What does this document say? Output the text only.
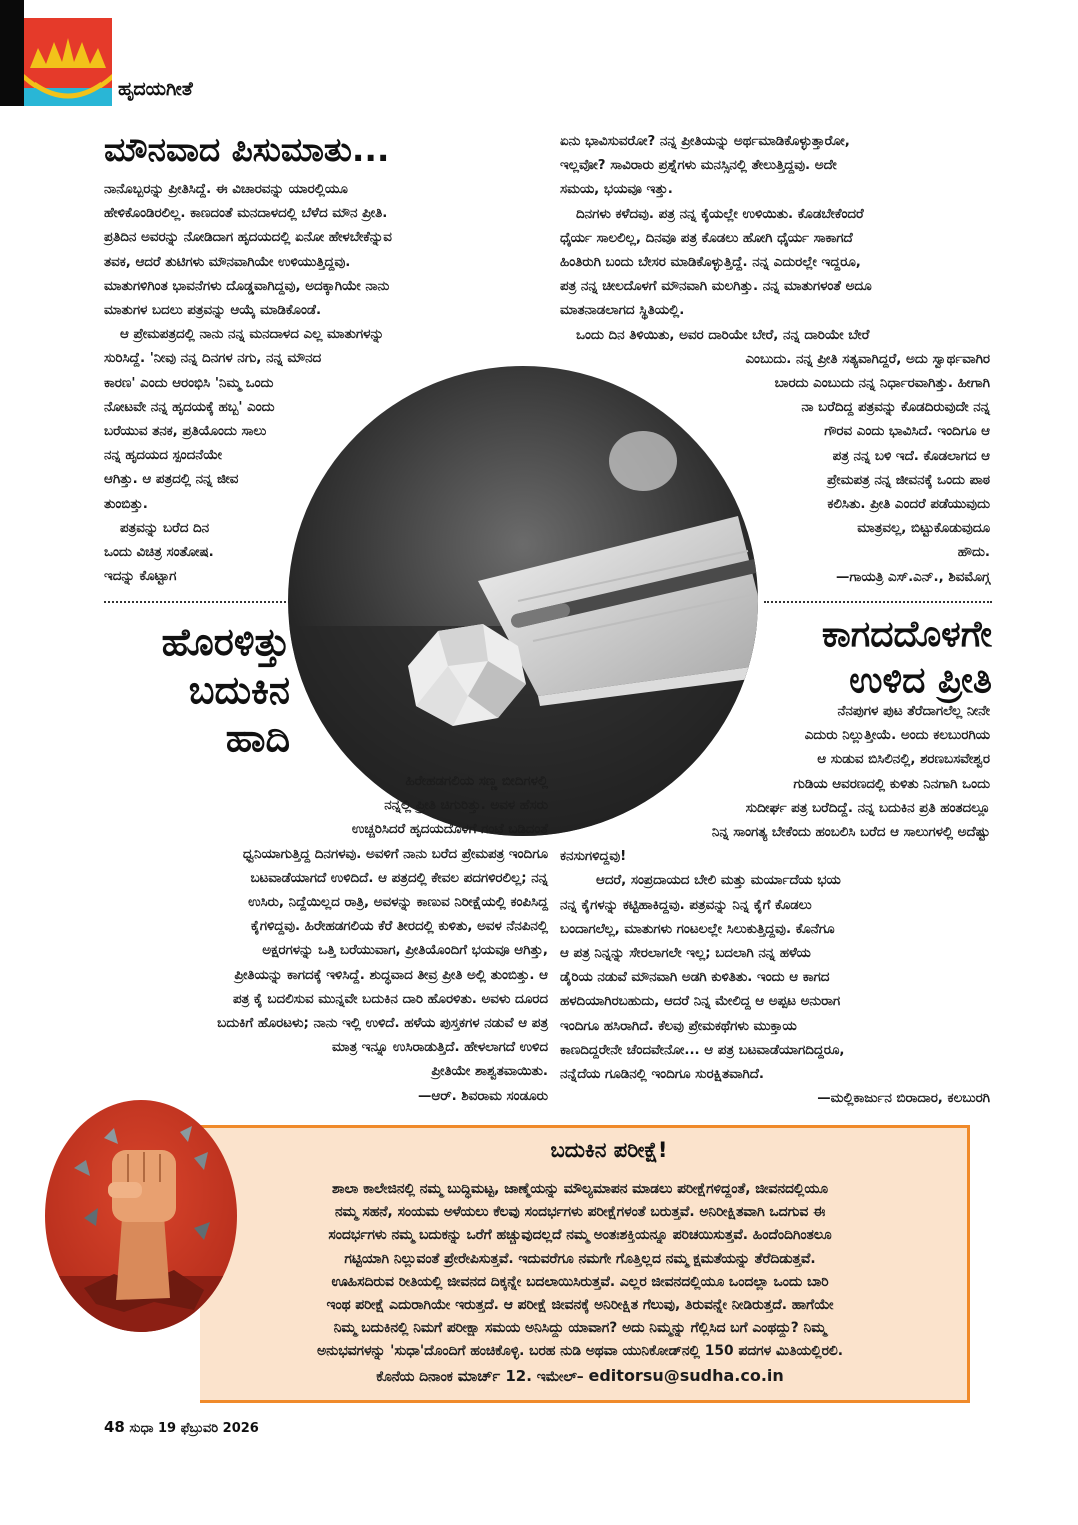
ಹೃದಯಗೀತೆ
ಮೌನವಾದ ಪಿಸುಮಾತು...

ನಾನೊಬ್ಬರನ್ನು ಪ್ರೀತಿಸಿದ್ದೆ. ಈ ವಿಚಾರವನ್ನು ಯಾರಲ್ಲಿಯೂ

ಹೇಳಿಕೊಂಡಿರಲಿಲ್ಲ. ಕಾಣದಂತೆ ಮನದಾಳದಲ್ಲಿ ಬೆಳೆದ ಮೌನ ಪ್ರೀತಿ.

ಪ್ರತಿದಿನ ಅವರನ್ನು ನೋಡಿದಾಗ ಹೃದಯದಲ್ಲಿ ಏನೋ ಹೇಳಬೇಕೆನ್ನುವ

ತವಕ, ಆದರೆ ತುಟಿಗಳು ಮೌನವಾಗಿಯೇ ಉಳಿಯುತ್ತಿದ್ದವು.

ಮಾತುಗಳಿಗಿಂತ ಭಾವನೆಗಳು ದೊಡ್ಡವಾಗಿದ್ದವು, ಅದಕ್ಕಾಗಿಯೇ ನಾನು

ಮಾತುಗಳ ಬದಲು ಪತ್ರವನ್ನು ಆಯ್ಕೆ ಮಾಡಿಕೊಂಡೆ.

ಆ ಪ್ರೇಮಪತ್ರದಲ್ಲಿ ನಾನು ನನ್ನ ಮನದಾಳದ ಎಲ್ಲ ಮಾತುಗಳನ್ನು

ಸುರಿಸಿದ್ದೆ. 'ನೀವು ನನ್ನ ದಿನಗಳ ನಗು, ನನ್ನ ಮೌನದ

ಕಾರಣ' ಎಂದು ಆರಂಭಿಸಿ 'ನಿಮ್ಮ ಒಂದು

ನೋಟವೇ ನನ್ನ ಹೃದಯಕ್ಕೆ ಹಬ್ಬ' ಎಂದು

ಬರೆಯುವ ತನಕ, ಪ್ರತಿಯೊಂದು ಸಾಲು

ನನ್ನ ಹೃದಯದ ಸ್ಪಂದನೆಯೇ

ಆಗಿತ್ತು. ಆ ಪತ್ರದಲ್ಲಿ ನನ್ನ ಜೀವ

ತುಂಬಿತ್ತು.

ಪತ್ರವನ್ನು ಬರೆದ ದಿನ

ಒಂದು ವಿಚಿತ್ರ ಸಂತೋಷ.

ಇದನ್ನು ಕೊಟ್ಟಾಗ

ಏನು ಭಾವಿಸುವರೋ? ನನ್ನ ಪ್ರೀತಿಯನ್ನು ಅರ್ಥಮಾಡಿಕೊಳ್ಳುತ್ತಾರೋ,

ಇಲ್ಲವೋ? ಸಾವಿರಾರು ಪ್ರಶ್ನೆಗಳು ಮನಸ್ಸಿನಲ್ಲಿ ತೇಲುತ್ತಿದ್ದವು. ಅದೇ

ಸಮಯ, ಭಯವೂ ಇತ್ತು.

ದಿನಗಳು ಕಳೆದವು. ಪತ್ರ ನನ್ನ ಕೈಯಲ್ಲೇ ಉಳಿಯಿತು. ಕೊಡಬೇಕೆಂದರೆ

ಧೈರ್ಯ ಸಾಲಲಿಲ್ಲ, ದಿನವೂ ಪತ್ರ ಕೊಡಲು ಹೋಗಿ ಧೈರ್ಯ ಸಾಕಾಗದೆ

ಹಿಂತಿರುಗಿ ಬಂದು ಬೇಸರ ಮಾಡಿಕೊಳ್ಳುತ್ತಿದ್ದೆ. ನನ್ನ ಎದುರಲ್ಲೇ ಇದ್ದರೂ,

ಪತ್ರ ನನ್ನ ಚೀಲದೊಳಗೆ ಮೌನವಾಗಿ ಮಲಗಿತ್ತು. ನನ್ನ ಮಾತುಗಳಂತೆ ಅದೂ

ಮಾತನಾಡಲಾಗದ ಸ್ಥಿತಿಯಲ್ಲಿ.

ಒಂದು ದಿನ ತಿಳಿಯಿತು, ಅವರ ದಾರಿಯೇ ಬೇರೆ, ನನ್ನ ದಾರಿಯೇ ಬೇರೆ

ಎಂಬುದು. ನನ್ನ ಪ್ರೀತಿ ಸತ್ಯವಾಗಿದ್ದರೆ, ಅದು ಸ್ವಾರ್ಥವಾಗಿರ

ಬಾರದು ಎಂಬುದು ನನ್ನ ನಿರ್ಧಾರವಾಗಿತ್ತು. ಹೀಗಾಗಿ

ನಾ ಬರೆದಿದ್ದ ಪತ್ರವನ್ನು ಕೊಡದಿರುವುದೇ ನನ್ನ

ಗೌರವ ಎಂದು ಭಾವಿಸಿದೆ. ಇಂದಿಗೂ ಆ

ಪತ್ರ ನನ್ನ ಬಳಿ ಇದೆ. ಕೊಡಲಾಗದ ಆ

ಪ್ರೇಮಪತ್ರ ನನ್ನ ಜೀವನಕ್ಕೆ ಒಂದು ಪಾಠ

ಕಲಿಸಿತು. ಪ್ರೀತಿ ಎಂದರೆ ಪಡೆಯುವುದು

ಮಾತ್ರವಲ್ಲ, ಬಿಟ್ಟುಕೊಡುವುದೂ

ಹೌದು.

—ಗಾಯತ್ರಿ ಎಸ್.ಎನ್., ಶಿವಮೊಗ್ಗ

ಹೊರಳಿತ್ತು
ಬದುಕಿನ
ಹಾದಿ
ಕಾಗದದೊಳಗೇ
ಉಳಿದ ಪ್ರೀತಿ

ಹಿರೇಹಡಗಲಿಯ ಸಣ್ಣ ಬೀದಿಗಳಲ್ಲಿ

ನನ್ನಲ್ಲಿ ಪ್ರೀತಿ ಚಿಗುರಿತ್ತು. ಅವಳ ಹೆಸರು

ಉಚ್ಚರಿಸಿದರೆ ಹೃದಯದೊಳಗೆ ಗಂಟೆ ಬಡಿದಂತೆ

ಧ್ವನಿಯಾಗುತ್ತಿದ್ದ ದಿನಗಳವು. ಅವಳಿಗೆ ನಾನು ಬರೆದ ಪ್ರೇಮಪತ್ರ ಇಂದಿಗೂ

ಬಟವಾಡೆಯಾಗದೆ ಉಳಿದಿದೆ. ಆ ಪತ್ರದಲ್ಲಿ ಕೇವಲ ಪದಗಳಿರಲಿಲ್ಲ; ನನ್ನ

ಉಸಿರು, ನಿದ್ದೆಯಿಲ್ಲದ ರಾತ್ರಿ, ಅವಳನ್ನು ಕಾಣುವ ನಿರೀಕ್ಷೆಯಲ್ಲಿ ಕಂಪಿಸಿದ್ದ

ಕೈಗಳಿದ್ದವು. ಹಿರೇಹಡಗಲಿಯ ಕೆರೆ ತೀರದಲ್ಲಿ ಕುಳಿತು, ಅವಳ ನೆನಪಿನಲ್ಲಿ

ಅಕ್ಷರಗಳನ್ನು ಒತ್ತಿ ಬರೆಯುವಾಗ, ಪ್ರೀತಿಯೊಂದಿಗೆ ಭಯವೂ ಆಗಿತ್ತು,

ಪ್ರೀತಿಯನ್ನು ಕಾಗದಕ್ಕೆ ಇಳಿಸಿದ್ದೆ. ಶುದ್ಧವಾದ ತೀವ್ರ ಪ್ರೀತಿ ಅಲ್ಲಿ ತುಂಬಿತ್ತು. ಆ

ಪತ್ರ ಕೈ ಬದಲಿಸುವ ಮುನ್ನವೇ ಬದುಕಿನ ದಾರಿ ಹೊರಳಿತು. ಅವಳು ದೂರದ

ಬದುಕಿಗೆ ಹೊರಟಳು; ನಾನು ಇಲ್ಲಿ ಉಳಿದೆ. ಹಳೆಯ ಪುಸ್ತಕಗಳ ನಡುವೆ ಆ ಪತ್ರ

ಮಾತ್ರ ಇನ್ನೂ ಉಸಿರಾಡುತ್ತಿದೆ. ಹೇಳಲಾಗದೆ ಉಳಿದ

ಪ್ರೀತಿಯೇ ಶಾಶ್ವತವಾಯಿತು.

—ಆರ್. ಶಿವರಾಮ ಸಂಡೂರು

ನೆನಪುಗಳ ಪುಟ ತೆರೆದಾಗಲೆಲ್ಲ ನೀನೇ

ಎದುರು ನಿಲ್ಲುತ್ತೀಯೆ. ಅಂದು ಕಲಬುರಗಿಯ

ಆ ಸುಡುವ ಬಿಸಿಲಿನಲ್ಲಿ, ಶರಣಬಸವೇಶ್ವರ

ಗುಡಿಯ ಆವರಣದಲ್ಲಿ ಕುಳಿತು ನಿನಗಾಗಿ ಒಂದು

ಸುದೀರ್ಘ ಪತ್ರ ಬರೆದಿದ್ದೆ. ನನ್ನ ಬದುಕಿನ ಪ್ರತಿ ಹಂತದಲ್ಲೂ

ನಿನ್ನ ಸಾಂಗತ್ಯ ಬೇಕೆಂದು ಹಂಬಲಿಸಿ ಬರೆದ ಆ ಸಾಲುಗಳಲ್ಲಿ ಅದೆಷ್ಟು

ಕನಸುಗಳಿದ್ದವು!

ಆದರೆ, ಸಂಪ್ರದಾಯದ ಬೇಲಿ ಮತ್ತು ಮರ್ಯಾದೆಯ ಭಯ

ನನ್ನ ಕೈಗಳನ್ನು ಕಟ್ಟಿಹಾಕಿದ್ದವು. ಪತ್ರವನ್ನು ನಿನ್ನ ಕೈಗೆ ಕೊಡಲು

ಬಂದಾಗಲೆಲ್ಲ, ಮಾತುಗಳು ಗಂಟಲಲ್ಲೇ ಸಿಲುಕುತ್ತಿದ್ದವು. ಕೊನೆಗೂ

ಆ ಪತ್ರ ನಿನ್ನನ್ನು ಸೇರಲಾಗಲೇ ಇಲ್ಲ; ಬದಲಾಗಿ ನನ್ನ ಹಳೆಯ

ಡೈರಿಯ ನಡುವೆ ಮೌನವಾಗಿ ಅಡಗಿ ಕುಳಿತಿತು. ಇಂದು ಆ ಕಾಗದ

ಹಳದಿಯಾಗಿರಬಹುದು, ಆದರೆ ನಿನ್ನ ಮೇಲಿದ್ದ ಆ ಅಪ್ಪಟ ಅನುರಾಗ

ಇಂದಿಗೂ ಹಸಿರಾಗಿದೆ. ಕೆಲವು ಪ್ರೇಮಕಥೆಗಳು ಮುಕ್ತಾಯ

ಕಾಣದಿದ್ದರೇನೇ ಚೆಂದವೇನೋ... ಆ ಪತ್ರ ಬಟವಾಡೆಯಾಗದಿದ್ದರೂ,

ನನ್ನೆದೆಯ ಗೂಡಿನಲ್ಲಿ ಇಂದಿಗೂ ಸುರಕ್ಷಿತವಾಗಿದೆ.

—ಮಲ್ಲಿಕಾರ್ಜುನ ಬಿರಾದಾರ, ಕಲಬುರಗಿ

ಬದುಕಿನ ಪರೀಕ್ಷೆ!
ಶಾಲಾ ಕಾಲೇಜಿನಲ್ಲಿ ನಮ್ಮ ಬುದ್ಧಿಮಟ್ಟ, ಜಾಣ್ಮೆಯನ್ನು ಮೌಲ್ಯಮಾಪನ ಮಾಡಲು ಪರೀಕ್ಷೆಗಳಿದ್ದಂತೆ, ಜೀವನದಲ್ಲಿಯೂ
ನಮ್ಮ ಸಹನೆ, ಸಂಯಮ ಅಳೆಯಲು ಕೆಲವು ಸಂದರ್ಭಗಳು ಪರೀಕ್ಷೆಗಳಂತೆ ಬರುತ್ತವೆ. ಅನಿರೀಕ್ಷಿತವಾಗಿ ಒದಗುವ ಈ
ಸಂದರ್ಭಗಳು ನಮ್ಮ ಬದುಕನ್ನು ಒರೆಗೆ ಹಚ್ಚುವುದಲ್ಲದೆ ನಮ್ಮ ಅಂತಃಶಕ್ತಿಯನ್ನೂ ಪರಿಚಯಿಸುತ್ತವೆ. ಹಿಂದೆಂದಿಗಿಂತಲೂ
ಗಟ್ಟಿಯಾಗಿ ನಿಲ್ಲುವಂತೆ ಪ್ರೇರೇಪಿಸುತ್ತವೆ. ಇದುವರೆಗೂ ನಮಗೇ ಗೊತ್ತಿಲ್ಲದ ನಮ್ಮ ಕ್ಷಮತೆಯನ್ನು ತೆರೆದಿಡುತ್ತವೆ.
ಊಹಿಸದಿರುವ ರೀತಿಯಲ್ಲಿ ಜೀವನದ ದಿಕ್ಕನ್ನೇ ಬದಲಾಯಿಸಿರುತ್ತವೆ. ಎಲ್ಲರ ಜೀವನದಲ್ಲಿಯೂ ಒಂದಲ್ಲಾ ಒಂದು ಬಾರಿ
ಇಂಥ ಪರೀಕ್ಷೆ ಎದುರಾಗಿಯೇ ಇರುತ್ತದೆ. ಆ ಪರೀಕ್ಷೆ ಜೀವನಕ್ಕೆ ಅನಿರೀಕ್ಷಿತ ಗೆಲುವು, ತಿರುವನ್ನೇ ನೀಡಿರುತ್ತದೆ. ಹಾಗೆಯೇ
ನಿಮ್ಮ ಬದುಕಿನಲ್ಲಿ ನಿಮಗೆ ಪರೀಕ್ಷಾ ಸಮಯ ಅನಿಸಿದ್ದು ಯಾವಾಗ? ಅದು ನಿಮ್ಮನ್ನು ಗೆಲ್ಲಿಸಿದ ಬಗೆ ಎಂಥದ್ದು? ನಿಮ್ಮ
ಅನುಭವಗಳನ್ನು 'ಸುಧಾ'ದೊಂದಿಗೆ ಹಂಚಿಕೊಳ್ಳಿ. ಬರಹ ನುಡಿ ಅಥವಾ ಯುನಿಕೋಡ್‌ನಲ್ಲಿ 150 ಪದಗಳ ಮಿತಿಯಲ್ಲಿರಲಿ.
ಕೊನೆಯ ದಿನಾಂಕ ಮಾರ್ಚ್ 12. ಇಮೇಲ್– editorsu@sudha.co.in
48 ಸುಧಾ 19 ಫೆಬ್ರುವರಿ 2026
